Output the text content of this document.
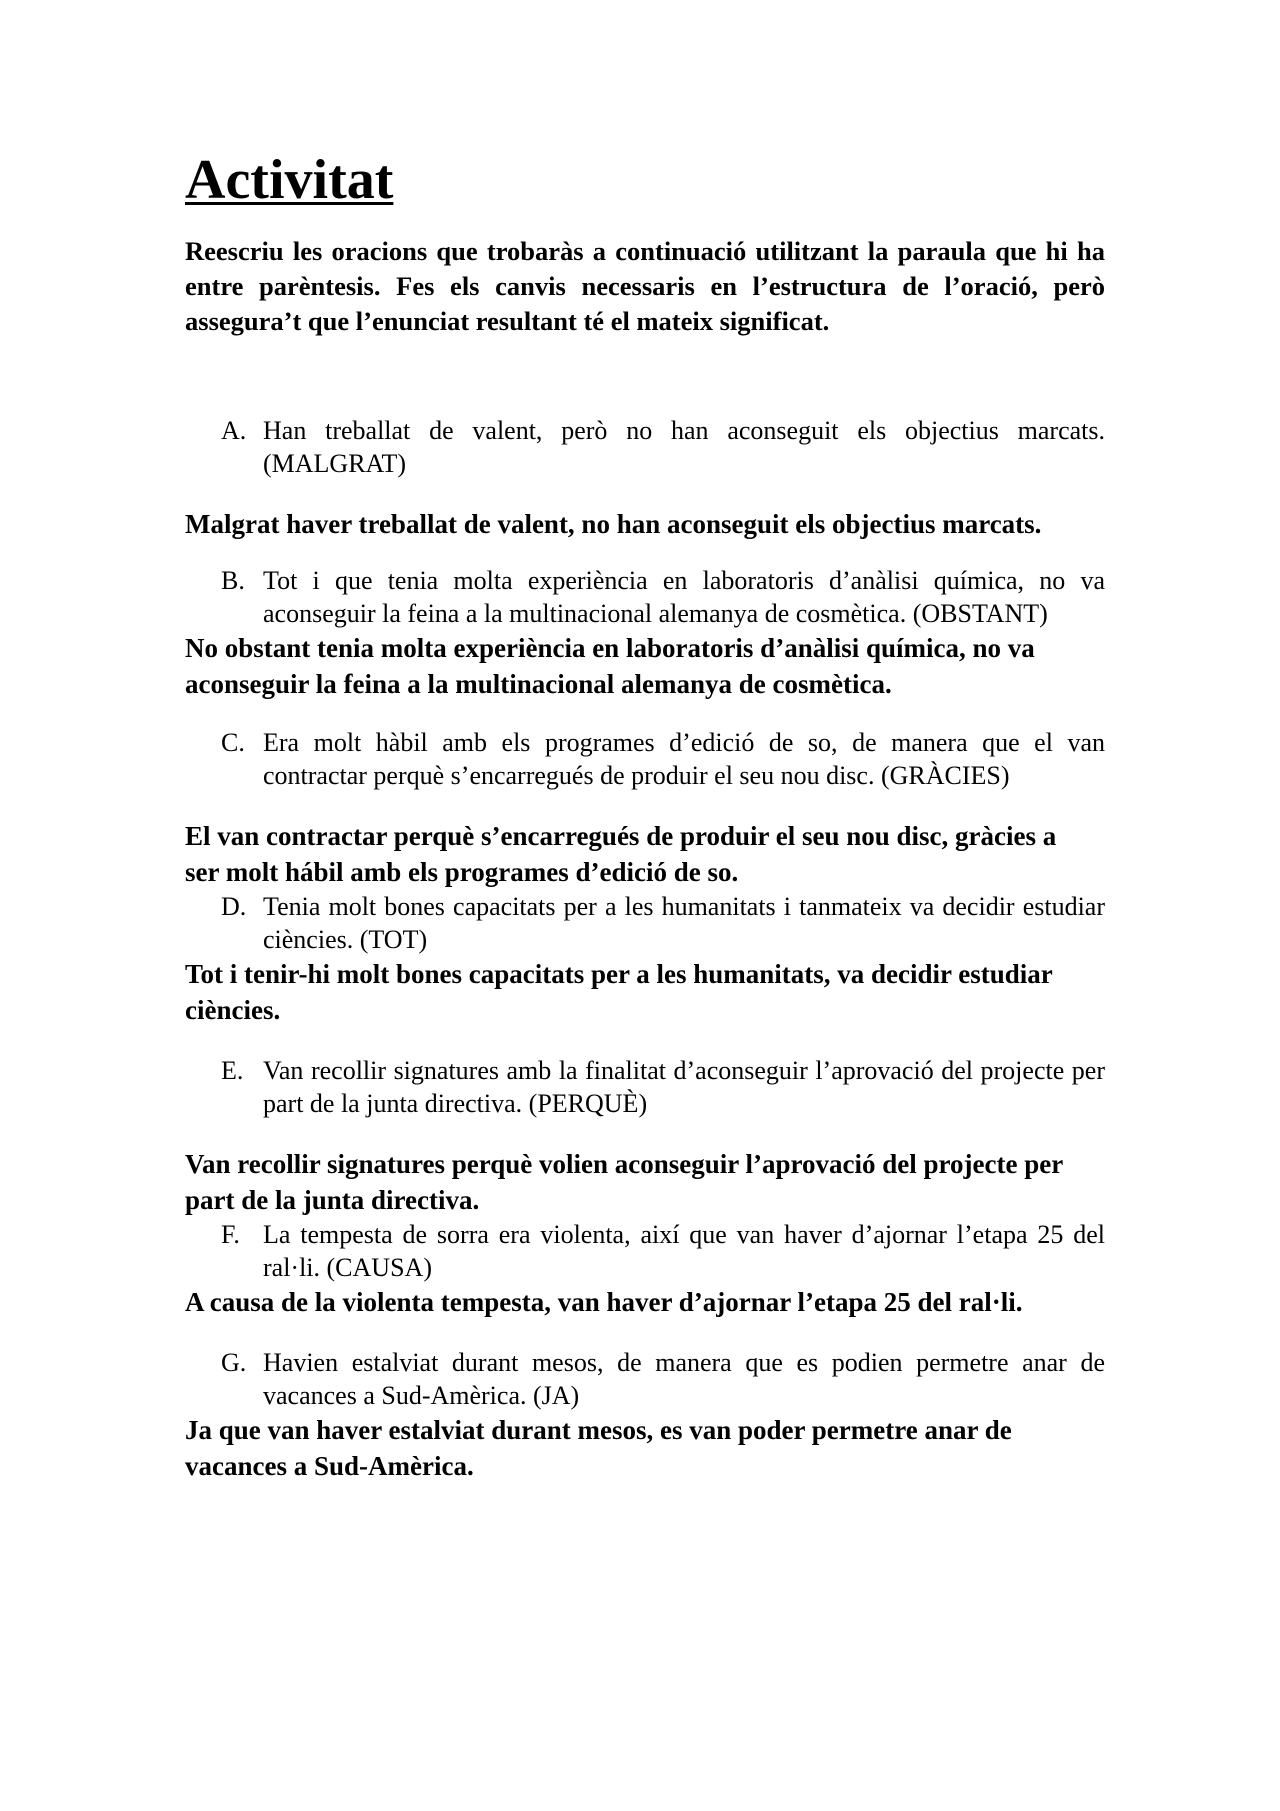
Activitat

Reescriu les oracions que trobaràs a continuació utilitzant la paraula que hi ha entre parèntesis. Fes els canvis necessaris en l’estructura de l’oració, però assegura’t que l’enunciat resultant té el mateix significat.

A. Han treballat de valent, però no han aconseguit els objectius marcats. (MALGRAT)

Malgrat haver treballat de valent, no han aconseguit els objectius marcats.

B. Tot i que tenia molta experiència en laboratoris d’anàlisi química, no va aconseguir la feina a la multinacional alemanya de cosmètica. (OBSTANT)

No obstant tenia molta experiència en laboratoris d’anàlisi química, no va aconseguir la feina a la multinacional alemanya de cosmètica.

C. Era molt hàbil amb els programes d’edició de so, de manera que el van contractar perquè s’encarregués de produir el seu nou disc. (GRÀCIES)

El van contractar perquè s’encarregués de produir el seu nou disc, gràcies a ser molt hábil amb els programes d’edició de so.

D. Tenia molt bones capacitats per a les humanitats i tanmateix va decidir estudiar ciències. (TOT)

Tot i tenir-hi molt bones capacitats per a les humanitats, va decidir estudiar ciències.

E. Van recollir signatures amb la finalitat d’aconseguir l’aprovació del projecte per part de la junta directiva. (PERQUÈ)

Van recollir signatures perquè volien aconseguir l’aprovació del projecte per part de la junta directiva.

F. La tempesta de sorra era violenta, així que van haver d’ajornar l’etapa 25 del ral·li. (CAUSA)

A causa de la violenta tempesta, van haver d’ajornar l’etapa 25 del ral·li.

G. Havien estalviat durant mesos, de manera que es podien permetre anar de vacances a Sud-Amèrica. (JA)

Ja que van haver estalviat durant mesos, es van poder permetre anar de vacances a Sud-Amèrica.
